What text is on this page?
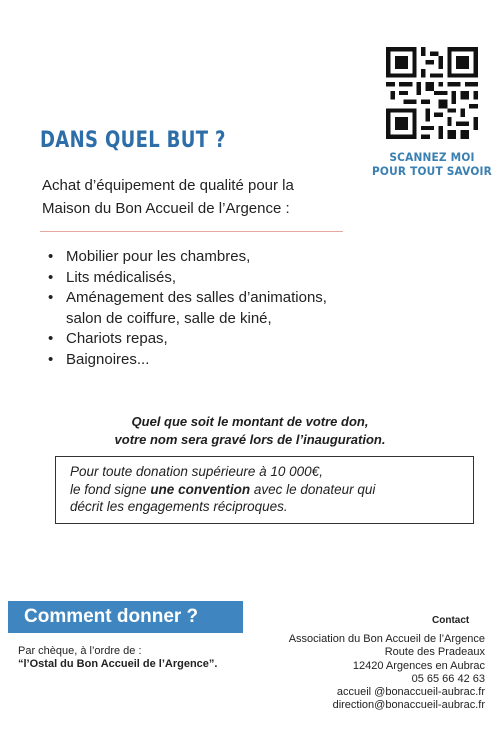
SCANNEZ MOI
POUR TOUT SAVOIR
DANS QUEL BUT ?
Achat d’équipement de qualité pour la
Maison du Bon Accueil de l’Argence :
• Mobilier pour les chambres,
• Lits médicalisés,
• Aménagement des salles d’animations,
salon de coiffure, salle de kiné,
• Chariots repas,
• Baignoires...
Quel que soit le montant de votre don,
votre nom sera gravé lors de l’inauguration.
Pour toute donation supérieure à 10 000€,
le fond signe une convention avec le donateur qui
décrit les engagements réciproques.
Comment donner ?
Par chèque, à l’ordre de :
“l’Ostal du Bon Accueil de l’Argence”.
Contact
Association du Bon Accueil de l’Argence
Route des Pradeaux
12420 Argences en Aubrac
05 65 66 42 63
accueil @bonaccueil-aubrac.fr
direction@bonaccueil-aubrac.fr
